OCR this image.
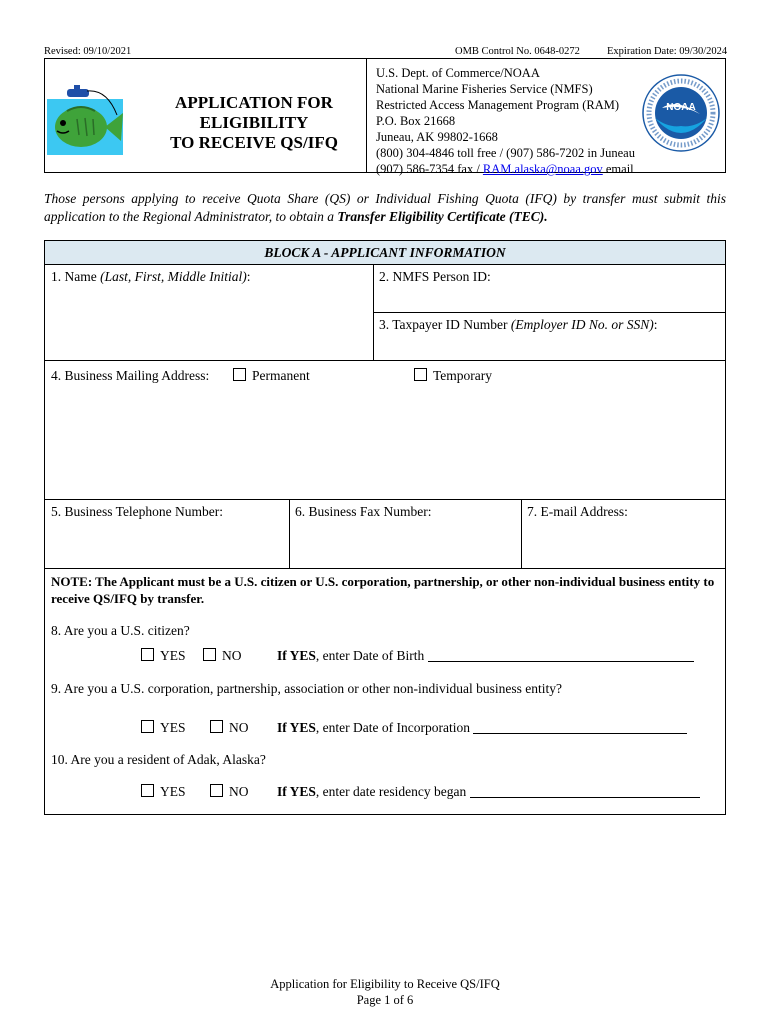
Revised: 09/10/2021	OMB Control No. 0648-0272	Expiration Date: 09/30/2024
APPLICATION FOR
ELIGIBILITY
TO RECEIVE QS/IFQ
U.S. Dept. of Commerce/NOAA
National Marine Fisheries Service (NMFS)
Restricted Access Management Program (RAM)
P.O. Box 21668
Juneau, AK 99802-1668
(800) 304-4846 toll free / (907) 586-7202 in Juneau
(907) 586-7354 fax / RAM.alaska@noaa.gov email
NOAA
Those persons applying to receive Quota Share (QS) or Individual Fishing Quota (IFQ) by transfer must submit this application to the Regional Administrator, to obtain a Transfer Eligibility Certificate (TEC).
BLOCK A - APPLICANT INFORMATION
1. Name (Last, First, Middle Initial):	2. NMFS Person ID:
3. Taxpayer ID Number (Employer ID No. or SSN):
4. Business Mailing Address:	Permanent	Temporary
5. Business Telephone Number:	6. Business Fax Number:	7. E-mail Address:
NOTE: The Applicant must be a U.S. citizen or U.S. corporation, partnership, or other non-individual business entity to receive QS/IFQ by transfer.
8. Are you a U.S. citizen?
YES	NO	If YES, enter Date of Birth
9. Are you a U.S. corporation, partnership, association or other non-individual business entity?
YES	NO If YES, enter Date of Incorporation
10. Are you a resident of Adak, Alaska?
YES	NO If YES, enter date residency began
Application for Eligibility to Receive QS/IFQ
Page 1 of 6
